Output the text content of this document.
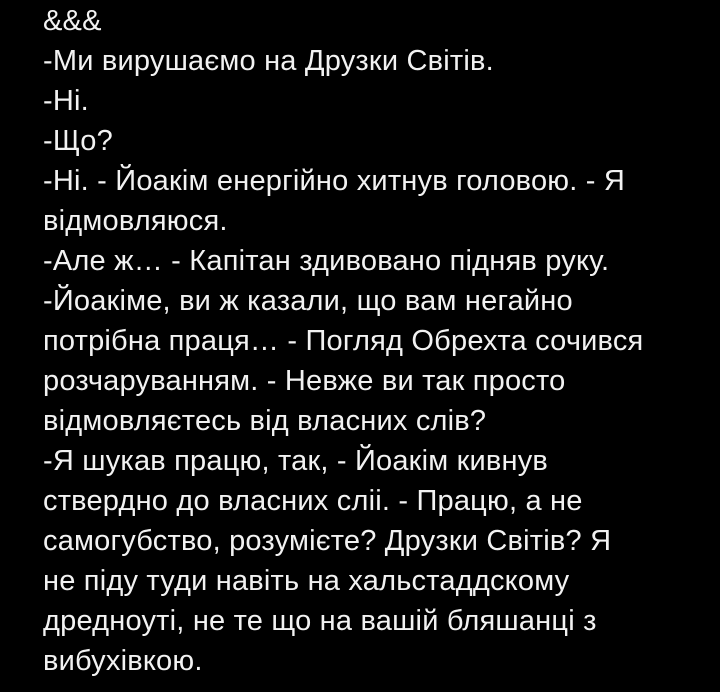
&&&
-Ми вирушаємо на Друзки Світів.
-Ні.
-Що?
-Ні. - Йоакім енергійно хитнув головою. - Я
відмовляюся.
-Але ж… - Капітан здивовано підняв руку.
-Йоакіме, ви ж казали, що вам негайно
потрібна праця… - Погляд Обрехта сочився
розчаруванням. - Невже ви так просто
відмовляєтесь від власних слів?
-Я шукав працю, так, - Йоакім кивнув
ствердно до власних сліі. - Працю, а не
самогубство, розумієте? Друзки Світів? Я
не піду туди навіть на хальстаддскому
дредноуті, не те що на вашій бляшанці з
вибухівкою.
